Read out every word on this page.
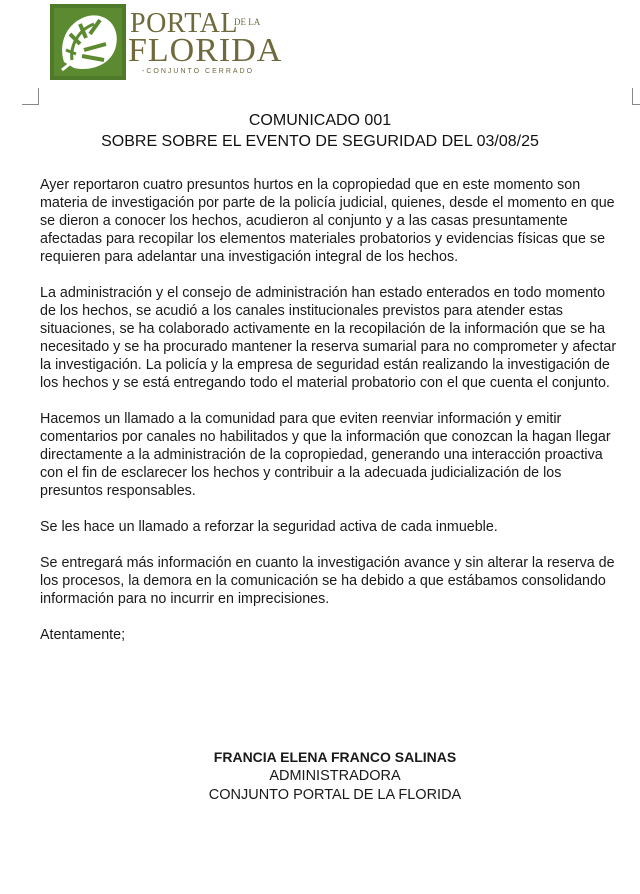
PORTAL
DE LA
FLORIDA
-CONJUNTO CERRADO
COMUNICADO 001
SOBRE SOBRE EL EVENTO DE SEGURIDAD DEL 03/08/25

Ayer reportaron cuatro presuntos hurtos en la copropiedad que en este momento son materia de investigación por parte de la policía judicial, quienes, desde el momento en que se dieron a conocer los hechos, acudieron al conjunto y a las casas presuntamente afectadas para recopilar los elementos materiales probatorios y evidencias físicas que se requieren para adelantar una investigación integral de los hechos.

La administración y el consejo de administración han estado enterados en todo momento de los hechos, se acudió a los canales institucionales previstos para atender estas situaciones, se ha colaborado activamente en la recopilación de la información que se ha necesitado y se ha procurado mantener la reserva sumarial para no comprometer y afectar la investigación. La policía y la empresa de seguridad están realizando la investigación de los hechos y se está entregando todo el material probatorio con el que cuenta el conjunto.

Hacemos un llamado a la comunidad para que eviten reenviar información y emitir comentarios por canales no habilitados y que la información que conozcan la hagan llegar directamente a la administración de la copropiedad, generando una interacción proactiva con el fin de esclarecer los hechos y contribuir a la adecuada judicialización de los presuntos responsables.

Se les hace un llamado a reforzar la seguridad activa de cada inmueble.

Se entregará más información en cuanto la investigación avance y sin alterar la reserva de los procesos, la demora en la comunicación se ha debido a que estábamos consolidando información para no incurrir en imprecisiones.

Atentamente;

FRANCIA ELENA FRANCO SALINAS
ADMINISTRADORA
CONJUNTO PORTAL DE LA FLORIDA
